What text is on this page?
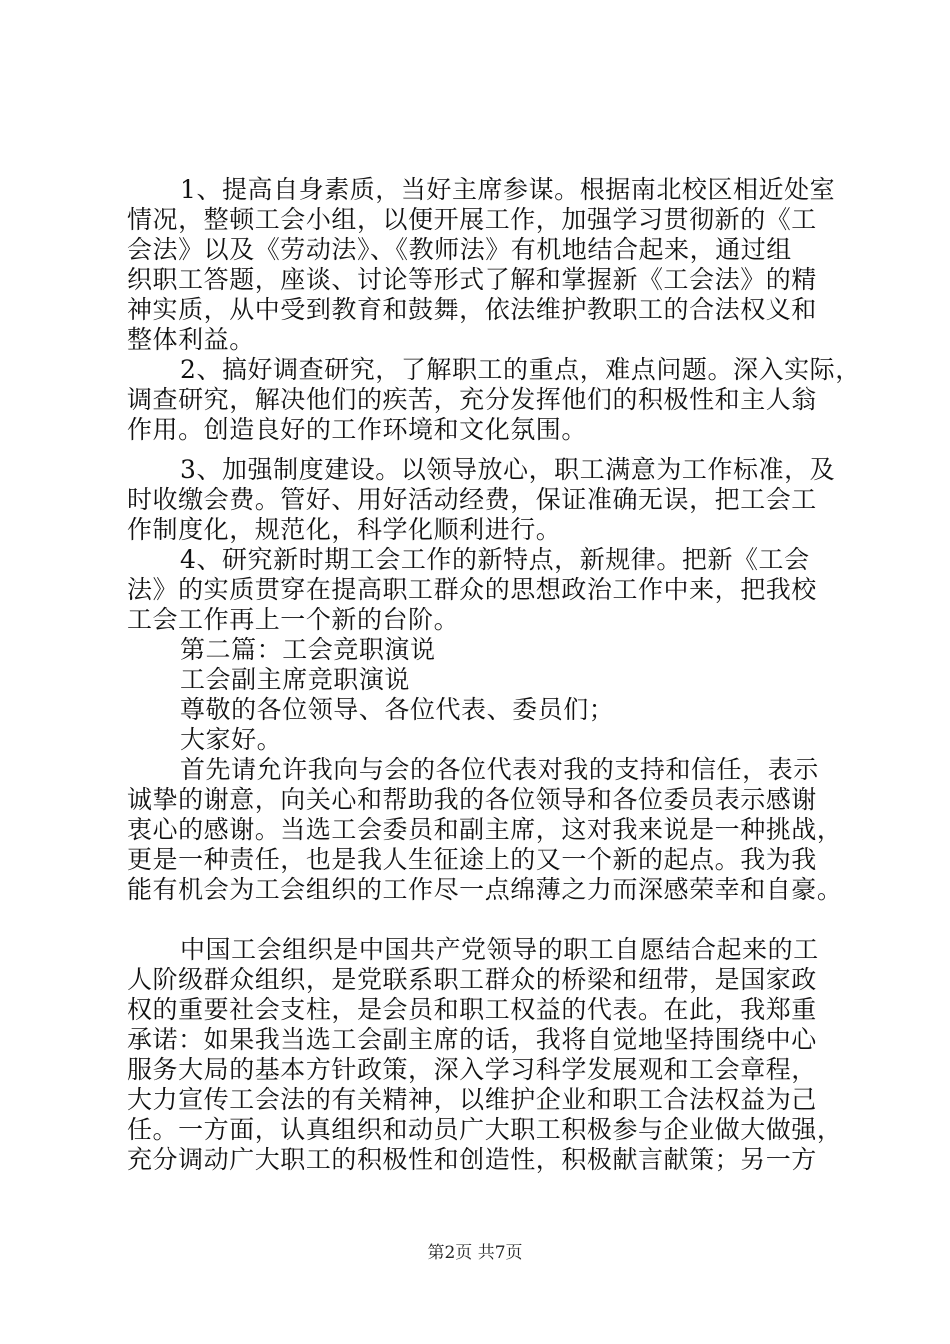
1、提高自身素质，当好主席参谋。根据南北校区相近处室
情况，整顿工会小组，以便开展工作，加强学习贯彻新的《工
会法》以及《劳动法》、《教师法》有机地结合起来，通过组
织职工答题，座谈、讨论等形式了解和掌握新《工会法》的精
神实质，从中受到教育和鼓舞，依法维护教职工的合法权义和
整体利益。
2、搞好调查研究，了解职工的重点，难点问题。深入实际，
调查研究，解决他们的疾苦，充分发挥他们的积极性和主人翁
作用。创造良好的工作环境和文化氛围。
3、加强制度建设。以领导放心，职工满意为工作标准，及
时收缴会费。管好、用好活动经费，保证准确无误，把工会工
作制度化，规范化，科学化顺利进行。
4、研究新时期工会工作的新特点，新规律。把新《工会
法》的实质贯穿在提高职工群众的思想政治工作中来，把我校
工会工作再上一个新的台阶。
第二篇：工会竞职演说
工会副主席竞职演说
尊敬的各位领导、各位代表、委员们；
大家好。
首先请允许我向与会的各位代表对我的支持和信任，表示
诚挚的谢意，向关心和帮助我的各位领导和各位委员表示感谢
衷心的感谢。当选工会委员和副主席，这对我来说是一种挑战，
更是一种责任，也是我人生征途上的又一个新的起点。我为我
能有机会为工会组织的工作尽一点绵薄之力而深感荣幸和自豪。
中国工会组织是中国共产党领导的职工自愿结合起来的工
人阶级群众组织，是党联系职工群众的桥梁和纽带，是国家政
权的重要社会支柱，是会员和职工权益的代表。在此，我郑重
承诺：如果我当选工会副主席的话，我将自觉地坚持围绕中心
服务大局的基本方针政策，深入学习科学发展观和工会章程，
大力宣传工会法的有关精神，以维护企业和职工合法权益为己
任。一方面，认真组织和动员广大职工积极参与企业做大做强，
充分调动广大职工的积极性和创造性，积极献言献策；另一方
第2页 共7页
